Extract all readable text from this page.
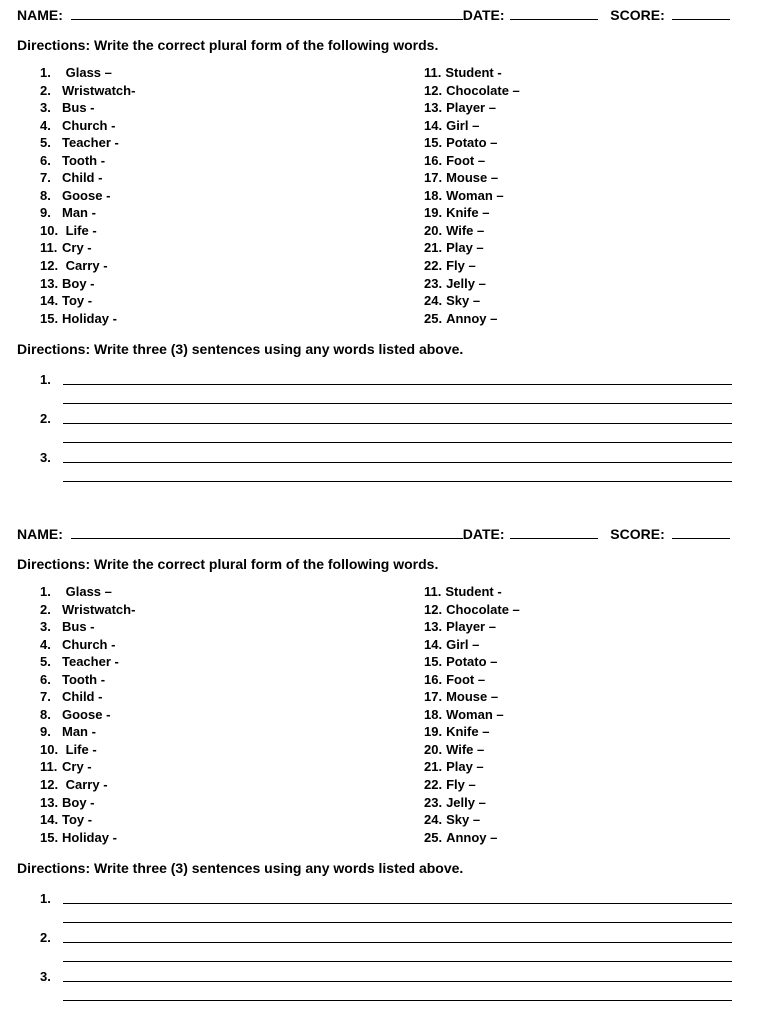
NAME:	DATE:	SCORE:
Directions: Write the correct plural form of the following words.
1. Glass –
2. Wristwatch-
3. Bus -
4. Church -
5. Teacher -
6. Tooth -
7. Child -
8. Goose -
9. Man -
10. Life -
11. Cry -
12. Carry -
13. Boy -
14. Toy -
15. Holiday -
11. Student -
12. Chocolate –
13. Player –
14. Girl –
15. Potato –
16. Foot –
17. Mouse –
18. Woman –
19. Knife –
20. Wife –
21. Play –
22. Fly –
23. Jelly –
24. Sky –
25. Annoy –
Directions: Write three (3) sentences using any words listed above.
1.
2.
3.
NAME:	DATE:	SCORE:
Directions: Write the correct plural form of the following words.
1. Glass –
2. Wristwatch-
3. Bus -
4. Church -
5. Teacher -
6. Tooth -
7. Child -
8. Goose -
9. Man -
10. Life -
11. Cry -
12. Carry -
13. Boy -
14. Toy -
15. Holiday -
11. Student -
12. Chocolate –
13. Player –
14. Girl –
15. Potato –
16. Foot –
17. Mouse –
18. Woman –
19. Knife –
20. Wife –
21. Play –
22. Fly –
23. Jelly –
24. Sky –
25. Annoy –
Directions: Write three (3) sentences using any words listed above.
1.
2.
3.
